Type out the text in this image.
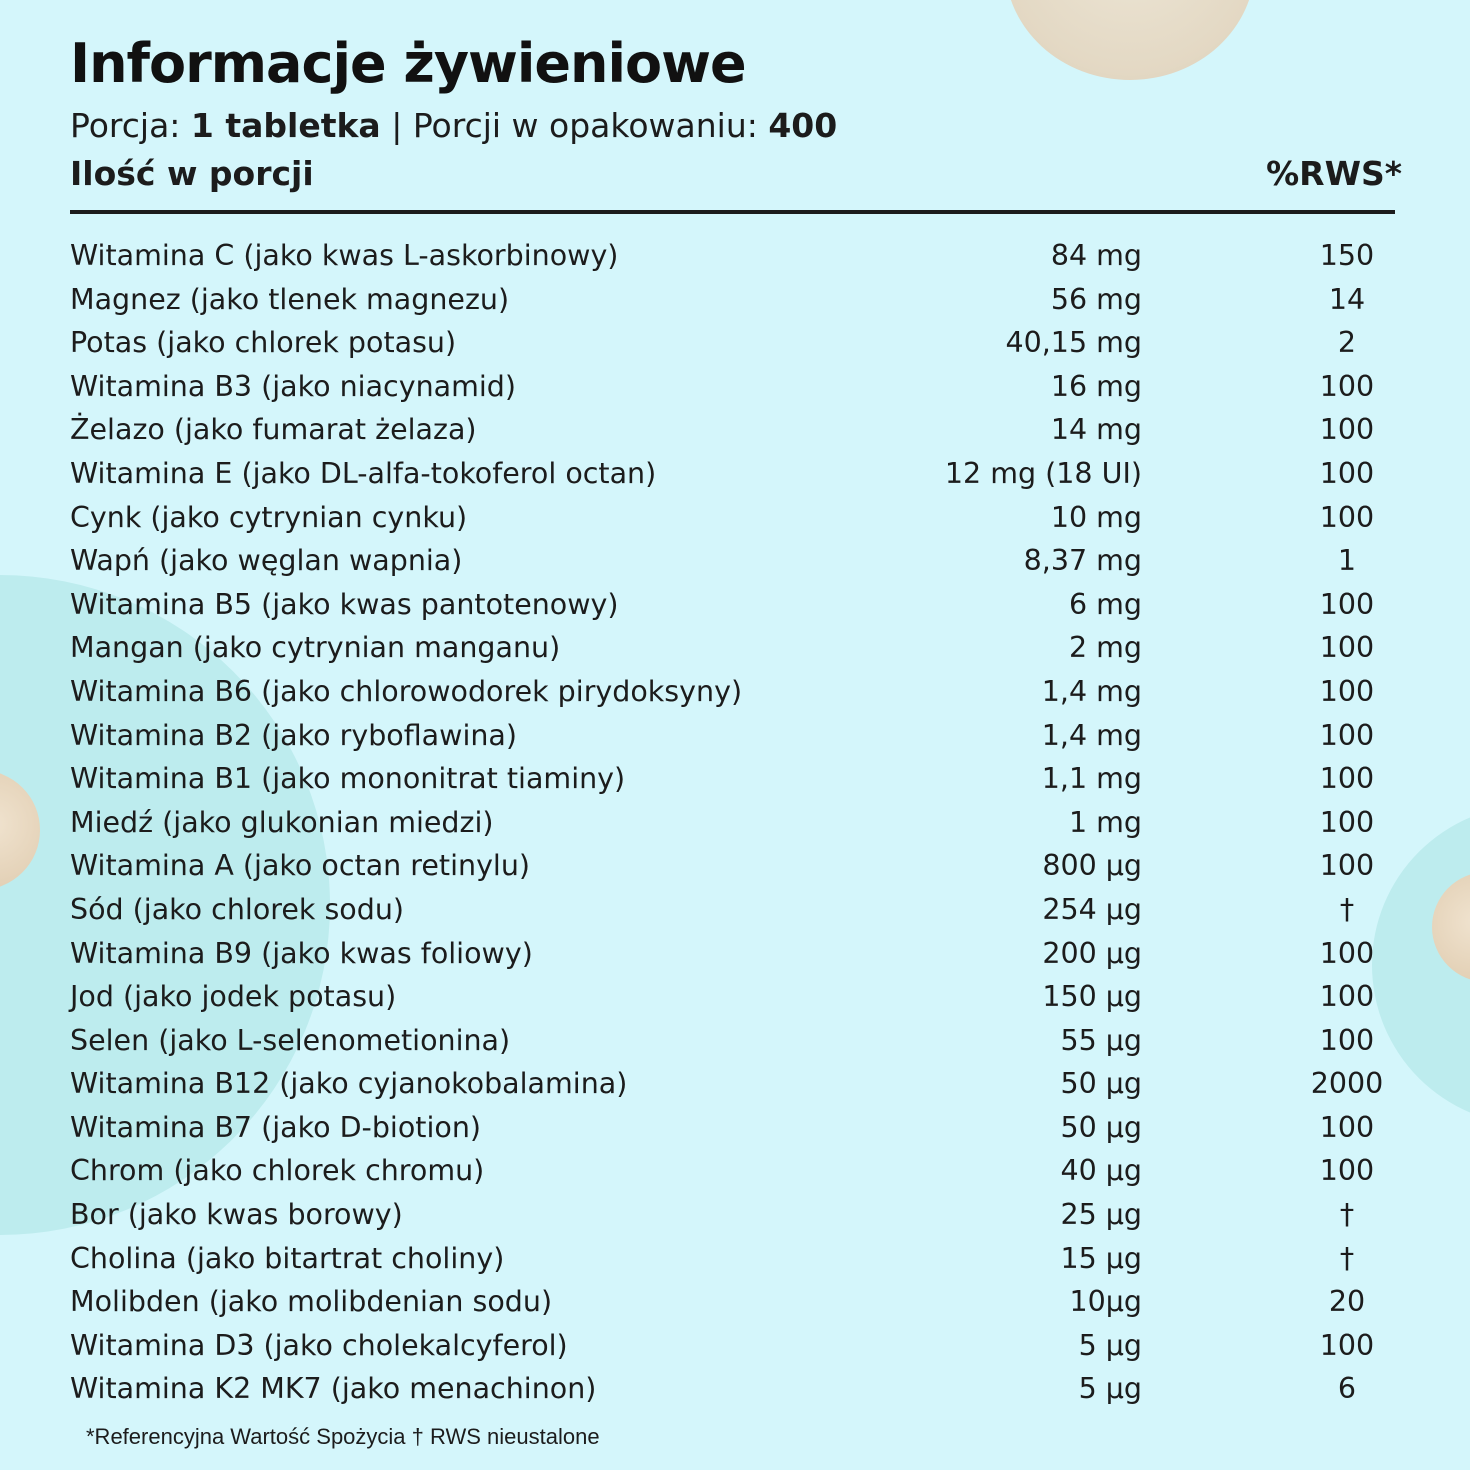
Informacje żywieniowe
Porcja: 1 tabletka | Porcji w opakowaniu: 400
Ilość w porcji	%RWS*
Witamina C (jako kwas L-askorbinowy)	84 mg	150
Magnez (jako tlenek magnezu)	56 mg	14
Potas (jako chlorek potasu)	40,15 mg	2
Witamina B3 (jako niacynamid)	16 mg	100
Żelazo (jako fumarat żelaza)	14 mg	100
Witamina E (jako DL-alfa-tokoferol octan)	12 mg (18 UI)	100
Cynk (jako cytrynian cynku)	10 mg	100
Wapń (jako węglan wapnia)	8,37 mg	1
Witamina B5 (jako kwas pantotenowy)	6 mg	100
Mangan (jako cytrynian manganu)	2 mg	100
Witamina B6 (jako chlorowodorek pirydoksyny)	1,4 mg	100
Witamina B2 (jako ryboflawina)	1,4 mg	100
Witamina B1 (jako mononitrat tiaminy)	1,1 mg	100
Miedź (jako glukonian miedzi)	1 mg	100
Witamina A (jako octan retinylu)	800 µg	100
Sód (jako chlorek sodu)	254 µg	†
Witamina B9 (jako kwas foliowy)	200 µg	100
Jod (jako jodek potasu)	150 µg	100
Selen (jako L-selenometionina)	55 µg	100
Witamina B12 (jako cyjanokobalamina)	50 µg	2000
Witamina B7 (jako D-biotion)	50 µg	100
Chrom (jako chlorek chromu)	40 µg	100
Bor (jako kwas borowy)	25 µg	†
Cholina (jako bitartrat choliny)	15 µg	†
Molibden (jako molibdenian sodu)	10µg	20
Witamina D3 (jako cholekalcyferol)	5 µg	100
Witamina K2 MK7 (jako menachinon)	5 µg	6
*Referencyjna Wartość Spożycia † RWS nieustalone
